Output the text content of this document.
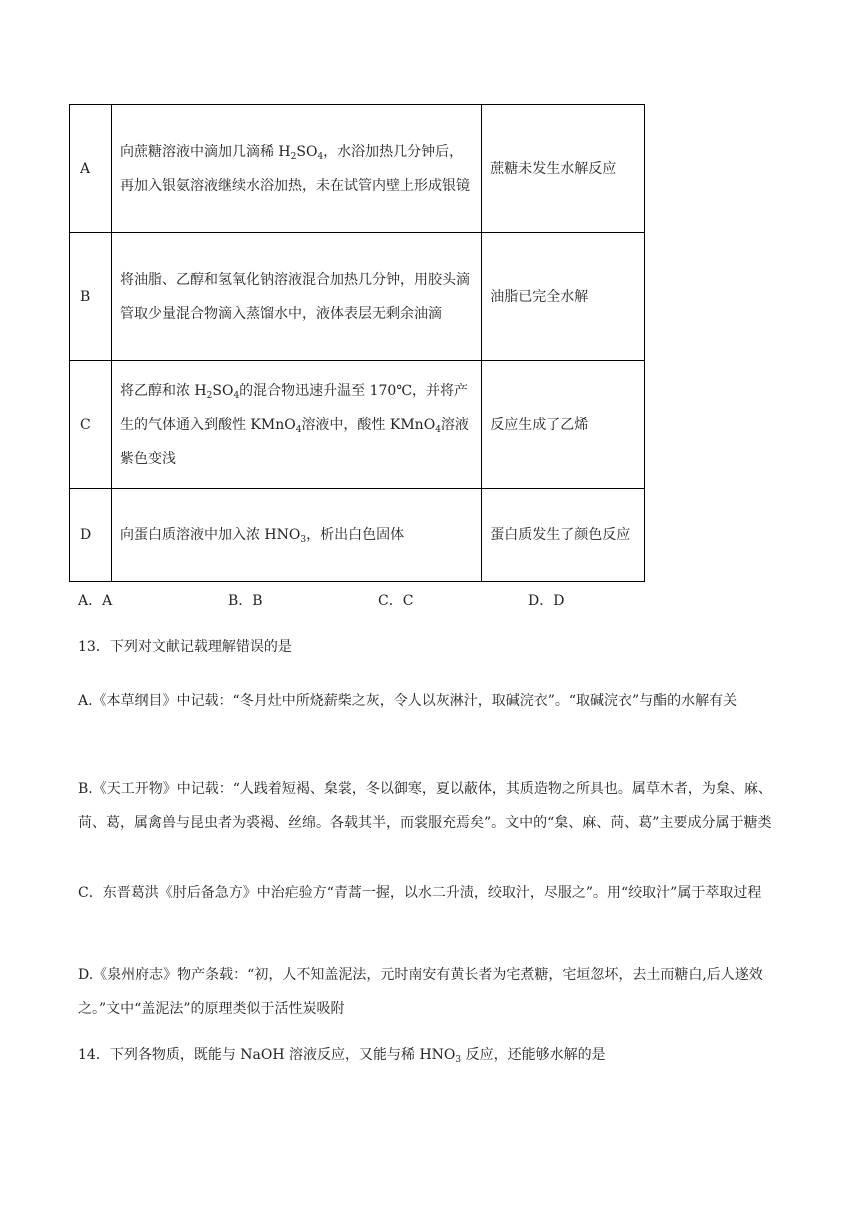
A	向蔗糖溶液中滴加几滴稀 $H_2SO_4$，水浴加热几分钟后，再加入银氨溶液继续水浴加热，未在试管内壁上形成银镜	蔗糖未发生水解反应
B	将油脂、乙醇和氢氧化钠溶液混合加热几分钟，用胶头滴管取少量混合物滴入蒸馏水中，液体表层无剩余油滴	油脂已完全水解
C	将乙醇和浓 $H_2SO_4$的混合物迅速升温至 170℃，并将产生的气体通入到酸性 KMnO$_4$溶液中，酸性 KMnO$_4$溶液紫色变浅	反应生成了乙烯
D	向蛋白质溶液中加入浓 $HNO_3$，析出白色固体	蛋白质发生了颜色反应
A．A	B．B	C．C	D．D

13．下列对文献记载理解错误的是

A.《本草纲目》中记载：“冬月灶中所烧薪柴之灰，令人以灰淋汁，取碱浣衣”。“取碱浣衣”与酯的水解有关

B.《天工开物》中记载：“人践着短褐、枲裳，冬以御寒，夏以蔽体，其质造物之所具也。属草木者，为枲、麻、苘、葛，属禽兽与昆虫者为裘褐、丝绵。各载其半，而裳服充焉矣”。文中的“枲、麻、苘、葛”主要成分属于糖类

C．东晋葛洪《肘后备急方》中治疟验方“青蒿一握，以水二升渍，绞取汁，尽服之”。用“绞取汁”属于萃取过程

D.《泉州府志》物产条载：“初，人不知盖泥法，元时南安有黄长者为宅煮糖，宅垣忽坏，去土而糖白,后人遂效之。”文中“盖泥法”的原理类似于活性炭吸附

14．下列各物质，既能与 NaOH 溶液反应，又能与稀 $HNO_3$ 反应，还能够水解的是
